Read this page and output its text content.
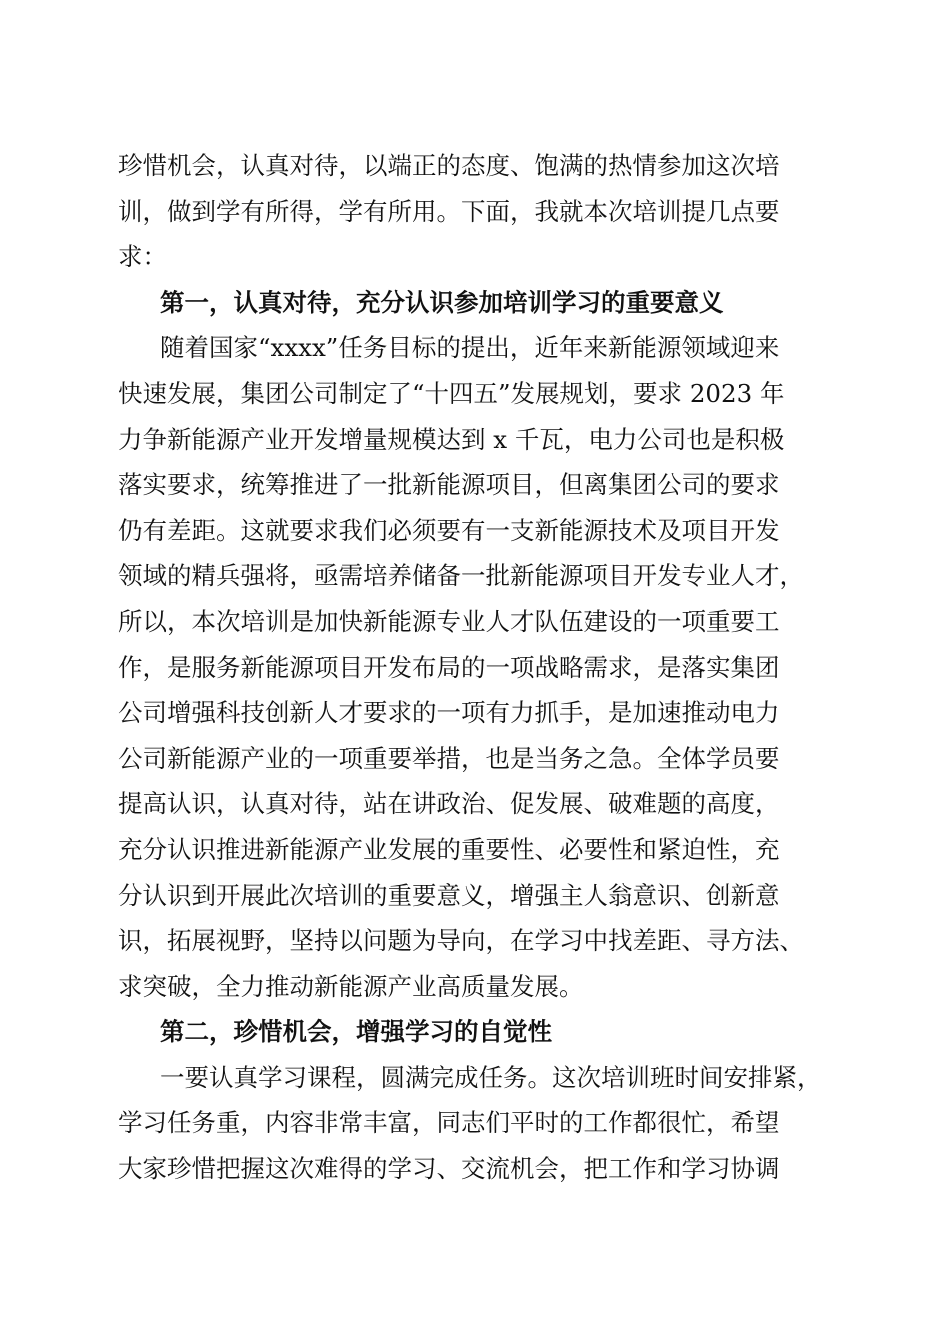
珍惜机会，认真对待，以端正的态度、饱满的热情参加这次培
训，做到学有所得，学有所用。下面，我就本次培训提几点要
求：
第一，认真对待，充分认识参加培训学习的重要意义
随着国家“xxxx”任务目标的提出，近年来新能源领域迎来
快速发展，集团公司制定了“十四五”发展规划，要求 2023 年
力争新能源产业开发增量规模达到 x 千瓦，电力公司也是积极
落实要求，统筹推进了一批新能源项目，但离集团公司的要求
仍有差距。这就要求我们必须要有一支新能源技术及项目开发
领域的精兵强将，亟需培养储备一批新能源项目开发专业人才，
所以，本次培训是加快新能源专业人才队伍建设的一项重要工
作，是服务新能源项目开发布局的一项战略需求，是落实集团
公司增强科技创新人才要求的一项有力抓手，是加速推动电力
公司新能源产业的一项重要举措，也是当务之急。全体学员要
提高认识，认真对待，站在讲政治、促发展、破难题的高度，
充分认识推进新能源产业发展的重要性、必要性和紧迫性，充
分认识到开展此次培训的重要意义，增强主人翁意识、创新意
识，拓展视野，坚持以问题为导向，在学习中找差距、寻方法、
求突破，全力推动新能源产业高质量发展。
第二，珍惜机会，增强学习的自觉性
一要认真学习课程，圆满完成任务。这次培训班时间安排紧，
学习任务重，内容非常丰富，同志们平时的工作都很忙，希望
大家珍惜把握这次难得的学习、交流机会，把工作和学习协调
